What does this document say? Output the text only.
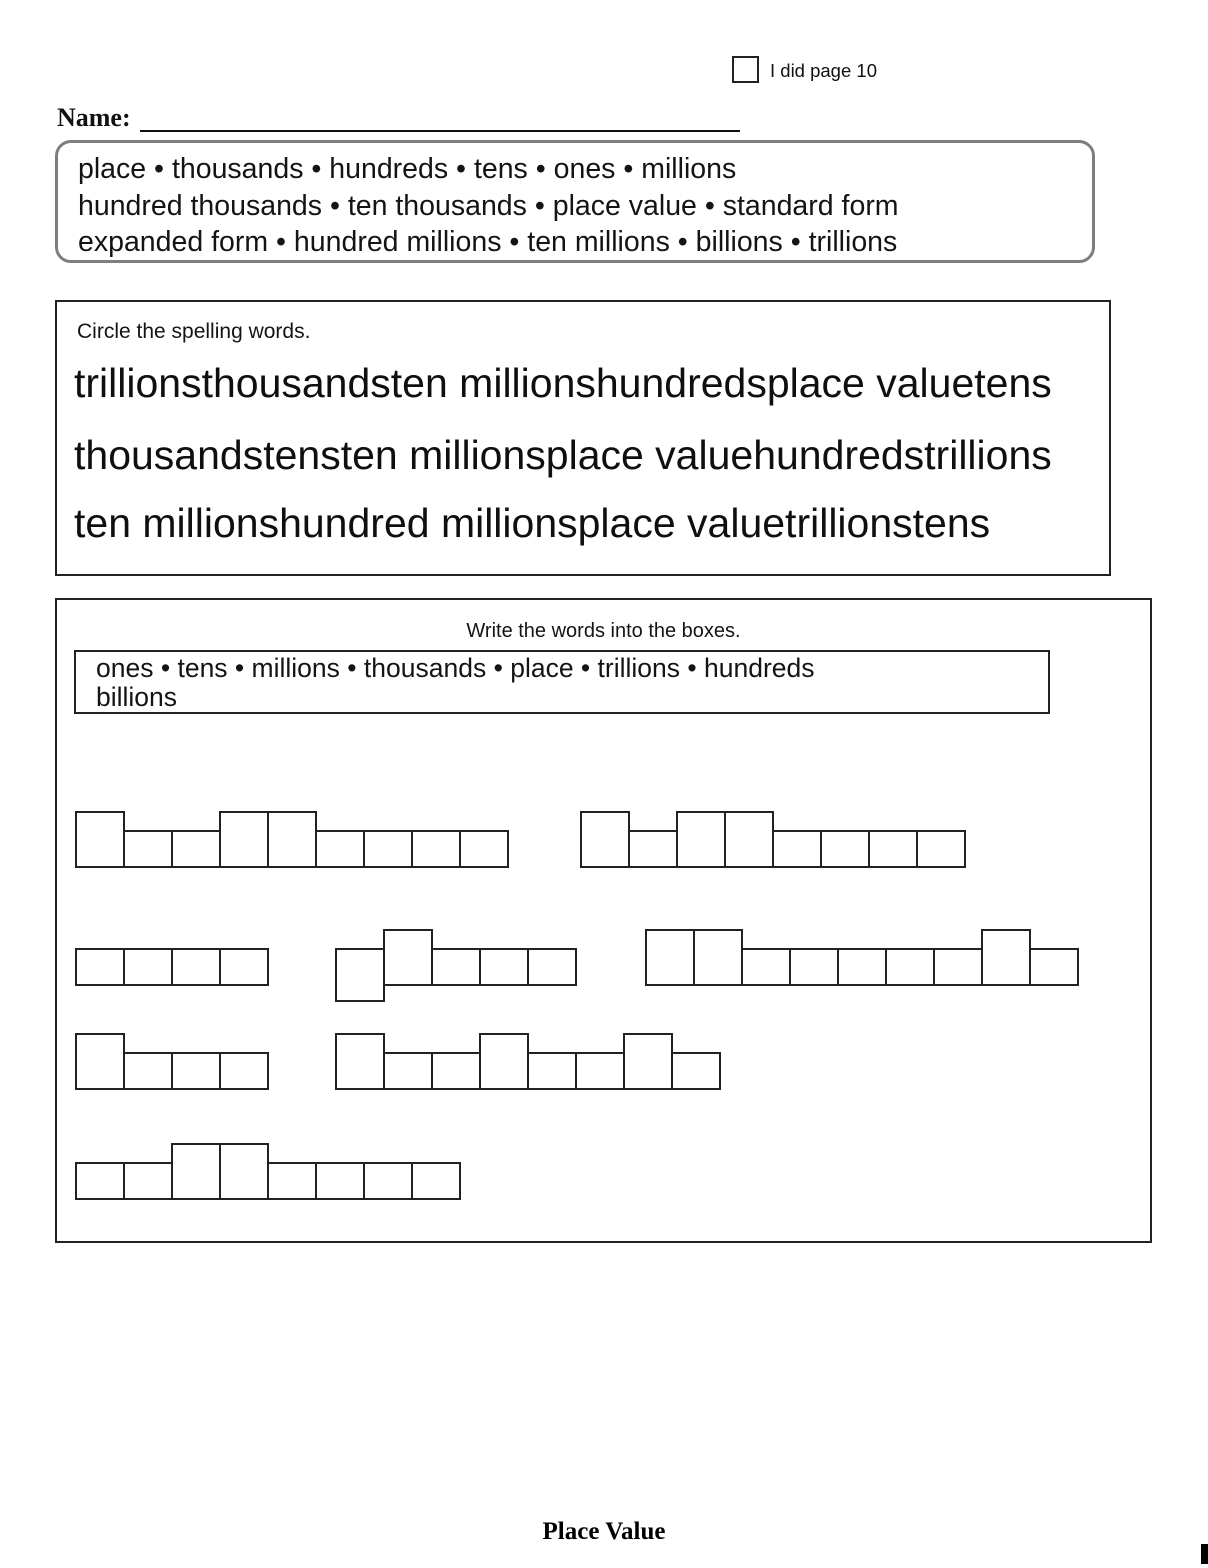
I did page 10
Name:
place • thousands • hundreds • tens • ones • millions
hundred thousands • ten thousands • place value • standard form
expanded form • hundred millions • ten millions • billions • trillions
Circle the spelling words.
trillionsthousandsten millionshundredsplace valuetens
thousandstensten millionsplace valuehundredstrillions
ten millionshundred millionsplace valuetrillionstens
Write the words into the boxes.
ones • tens • millions • thousands • place • trillions • hundreds
billions
Place Value
